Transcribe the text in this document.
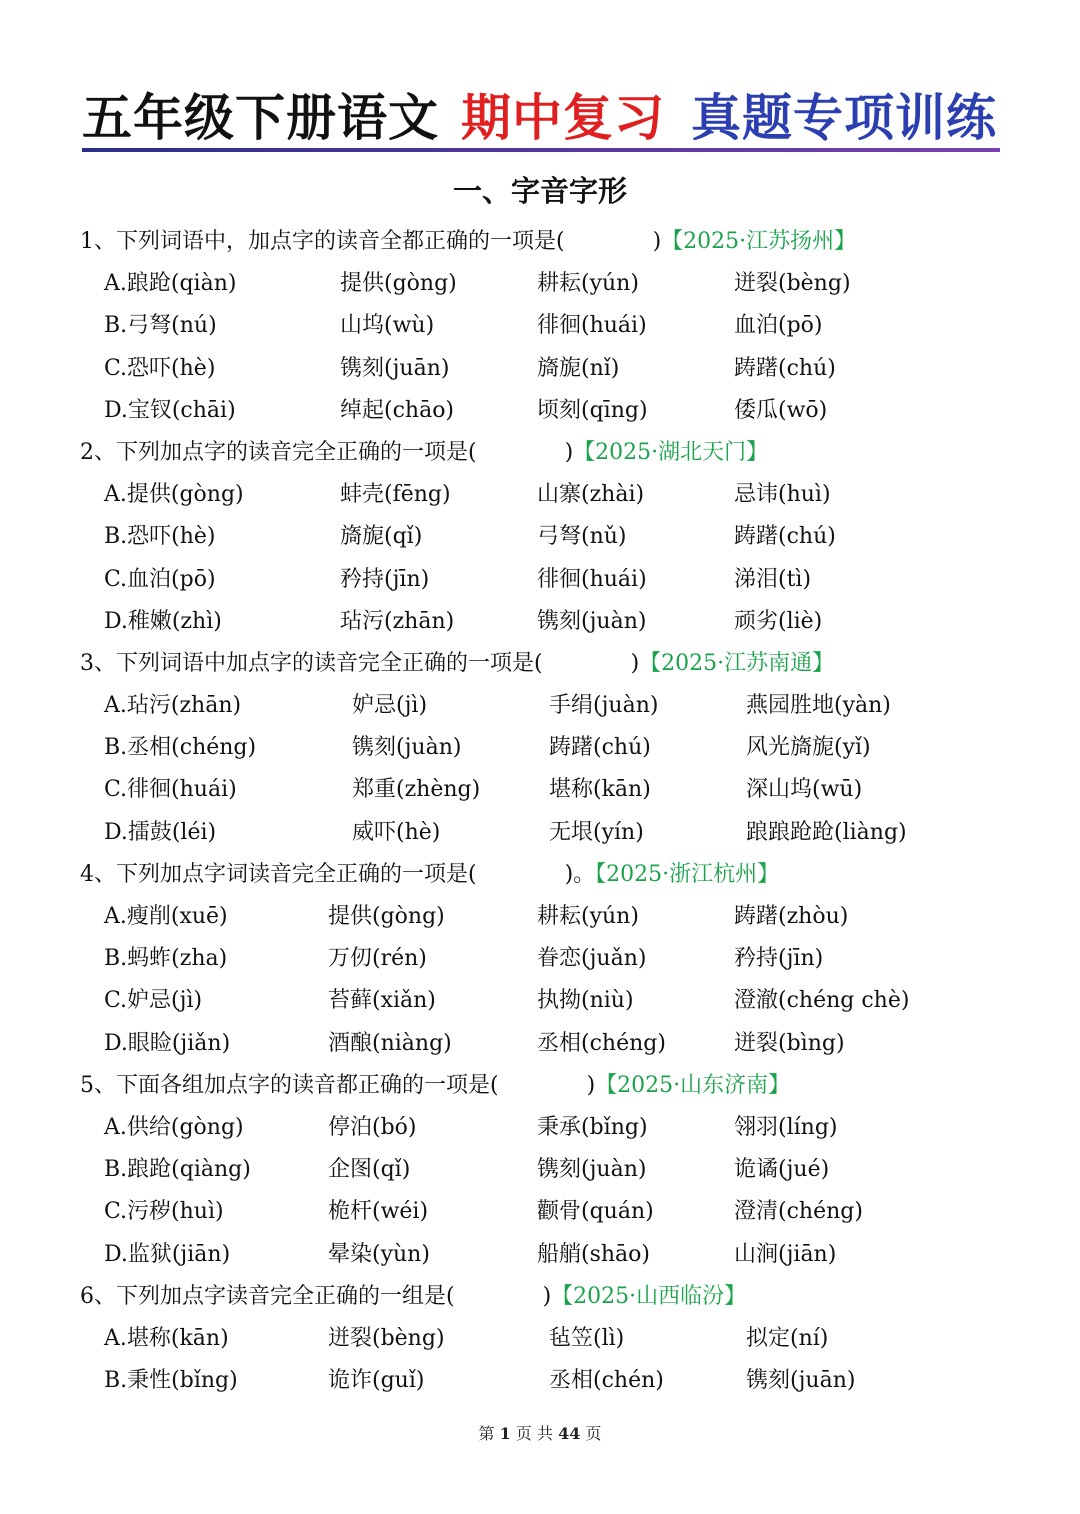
五年级下册语文 期中复习 真题专项训练
一、字音字形
1、下列词语中，加点字的读音全都正确的一项是(　　　　)【2025·江苏扬州】
A.踉跄(qiàn)	提供(gòng)	耕耘(yún)	迸裂(bèng)
B.弓弩(nú)	山坞(wù)	徘徊(huái)	血泊(pō)
C.恐吓(hè)	镌刻(juān)	旖旎(nǐ)	踌躇(chú)
D.宝钗(chāi)	绰起(chāo)	顷刻(qīng)	倭瓜(wō)
2、下列加点字的读音完全正确的一项是(　　　　)【2025·湖北天门】
A.提供(gòng)	蚌壳(fēng)	山寨(zhài)	忌讳(huì)
B.恐吓(hè)	旖旎(qǐ)	弓弩(nǔ)	踌躇(chú)
C.血泊(pō)	矜持(jīn)	徘徊(huái)	涕泪(tì)
D.稚嫩(zhì)	玷污(zhān)	镌刻(juàn)	顽劣(liè)
3、下列词语中加点字的读音完全正确的一项是(　　　　)【2025·江苏南通】
A.玷污(zhān)	妒忌(jì)	手绢(juàn)	燕园胜地(yàn)
B.丞相(chéng)	镌刻(juàn)	踌躇(chú)	风光旖旎(yǐ)
C.徘徊(huái)	郑重(zhèng)	堪称(kān)	深山坞(wū)
D.擂鼓(léi)	威吓(hè)	无垠(yín)	踉踉跄跄(liàng)
4、下列加点字词读音完全正确的一项是(　　　　)。【2025·浙江杭州】
A.瘦削(xuē)	提供(gòng)	耕耘(yún)	踌躇(zhòu)
B.蚂蚱(zha)	万仞(rén)	眷恋(juǎn)	矜持(jīn)
C.妒忌(jì)	苔藓(xiǎn)	执拗(niù)	澄澈(chéng chè)
D.眼睑(jiǎn)	酒酿(niàng)	丞相(chéng)	迸裂(bìng)
5、下面各组加点字的读音都正确的一项是(　　　　)【2025·山东济南】
A.供给(gòng)	停泊(bó)	秉承(bǐng)	翎羽(líng)
B.踉跄(qiàng)	企图(qǐ)	镌刻(juàn)	诡谲(jué)
C.污秽(huì)	桅杆(wéi)	颧骨(quán)	澄清(chéng)
D.监狱(jiān)	晕染(yùn)	船艄(shāo)	山涧(jiān)
6、下列加点字读音完全正确的一组是(　　　　)【2025·山西临汾】
A.堪称(kān)	迸裂(bèng)	毡笠(lì)	拟定(ní)
B.秉性(bǐng)	诡诈(guǐ)	丞相(chén)	镌刻(juān)
第 1 页 共 44 页
